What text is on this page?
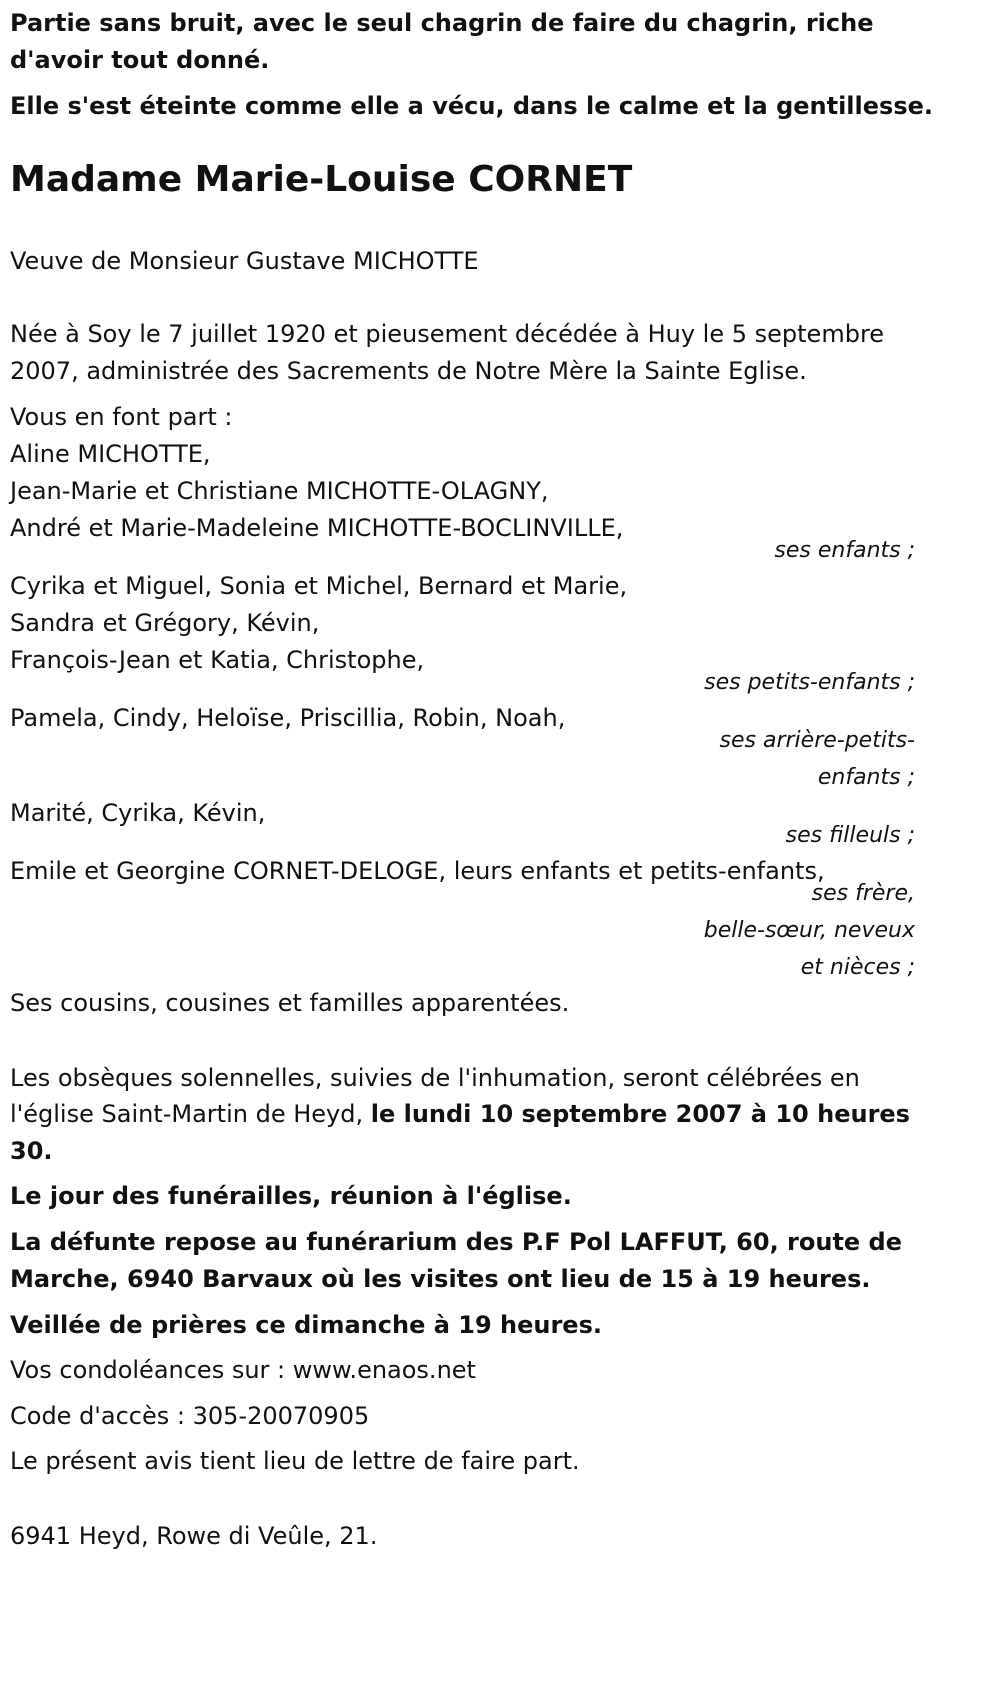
Partie sans bruit, avec le seul chagrin de faire du chagrin, riche
d'avoir tout donné.
Elle s'est éteinte comme elle a vécu, dans le calme et la gentillesse.
Madame Marie-Louise CORNET
Veuve de Monsieur Gustave MICHOTTE
Née à Soy le 7 juillet 1920 et pieusement décédée à Huy le 5 septembre
2007, administrée des Sacrements de Notre Mère la Sainte Eglise.
Vous en font part :
Aline MICHOTTE,
Jean-Marie et Christiane MICHOTTE-OLAGNY,
André et Marie-Madeleine MICHOTTE-BOCLINVILLE,
ses enfants ;
Cyrika et Miguel, Sonia et Michel, Bernard et Marie,
Sandra et Grégory, Kévin,
François-Jean et Katia, Christophe,
ses petits-enfants ;
Pamela, Cindy, Heloïse, Priscillia, Robin, Noah,
ses arrière-petits-
enfants ;
Marité, Cyrika, Kévin,
ses filleuls ;
Emile et Georgine CORNET-DELOGE, leurs enfants et petits-enfants,
ses frère,
belle-sœur, neveux
et nièces ;
Ses cousins, cousines et familles apparentées.
Les obsèques solennelles, suivies de l'inhumation, seront célébrées en
l'église Saint-Martin de Heyd, le lundi 10 septembre 2007 à 10 heures
30.
Le jour des funérailles, réunion à l'église.
La défunte repose au funérarium des P.F Pol LAFFUT, 60, route de
Marche, 6940 Barvaux où les visites ont lieu de 15 à 19 heures.
Veillée de prières ce dimanche à 19 heures.
Vos condoléances sur : www.enaos.net
Code d'accès : 305-20070905
Le présent avis tient lieu de lettre de faire part.
6941 Heyd, Rowe di Veûle, 21.
